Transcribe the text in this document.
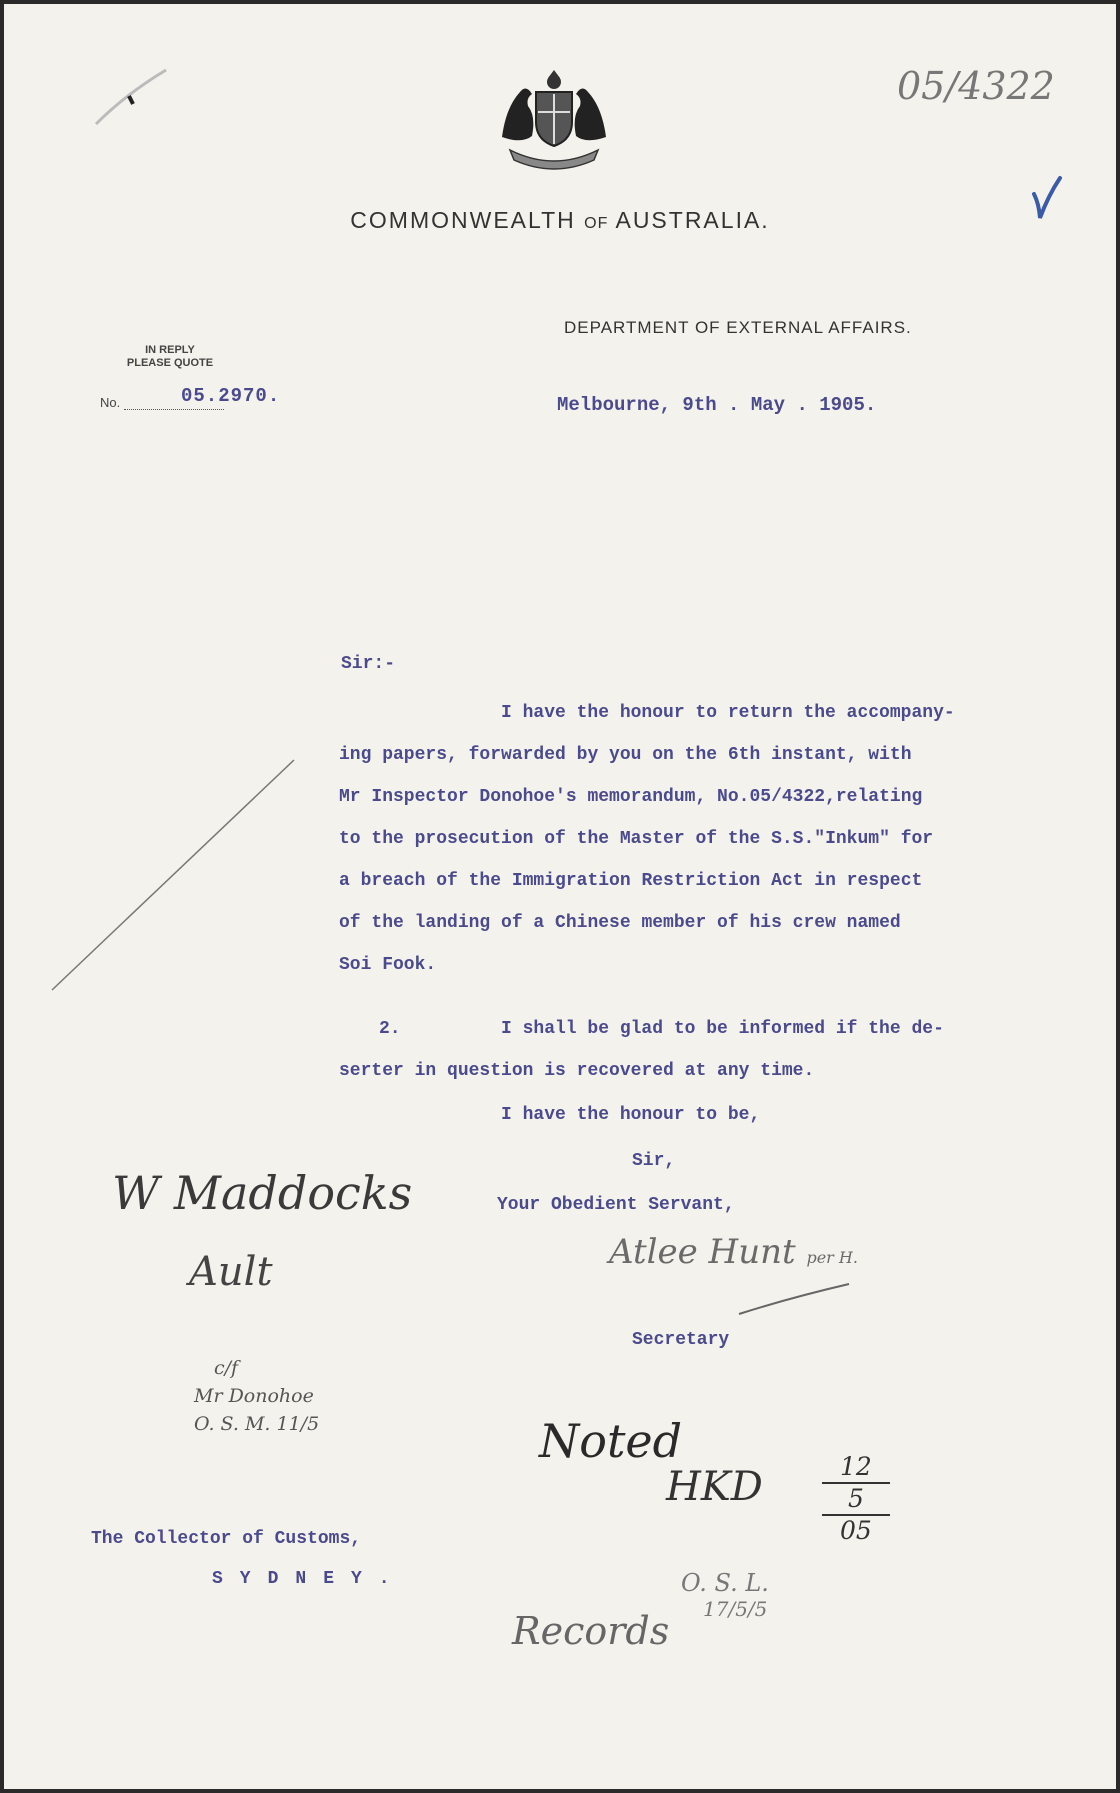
COMMONWEALTH OF AUSTRALIA.
DEPARTMENT OF EXTERNAL AFFAIRS.
IN REPLY
PLEASE QUOTE
No.	05.2970.	Melbourne, 9th . May . 1905.
Sir:-
I have the honour to return the accompany-
ing papers, forwarded by you on the 6th instant, with
Mr Inspector Donohoe's memorandum, No.05/4322,relating
to the prosecution of the Master of the S.S."Inkum" for
a breach of the Immigration Restriction Act in respect
of the landing of a Chinese member of his crew named
Soi Fook.
2.	I shall be glad to be informed if the de-
serter in question is recovered at any time.
I have the honour to be,
Sir,
Your Obedient Servant,
Secretary
The Collector of Customs,
SYDNEY.
05/4322
W Maddocks
Ault
c/f
Mr Donohoe
O. S. M. 11/5
Atlee Hunt per H.
Noted
HKD	12
5
05
O. S. L.
17/5/5
Records
